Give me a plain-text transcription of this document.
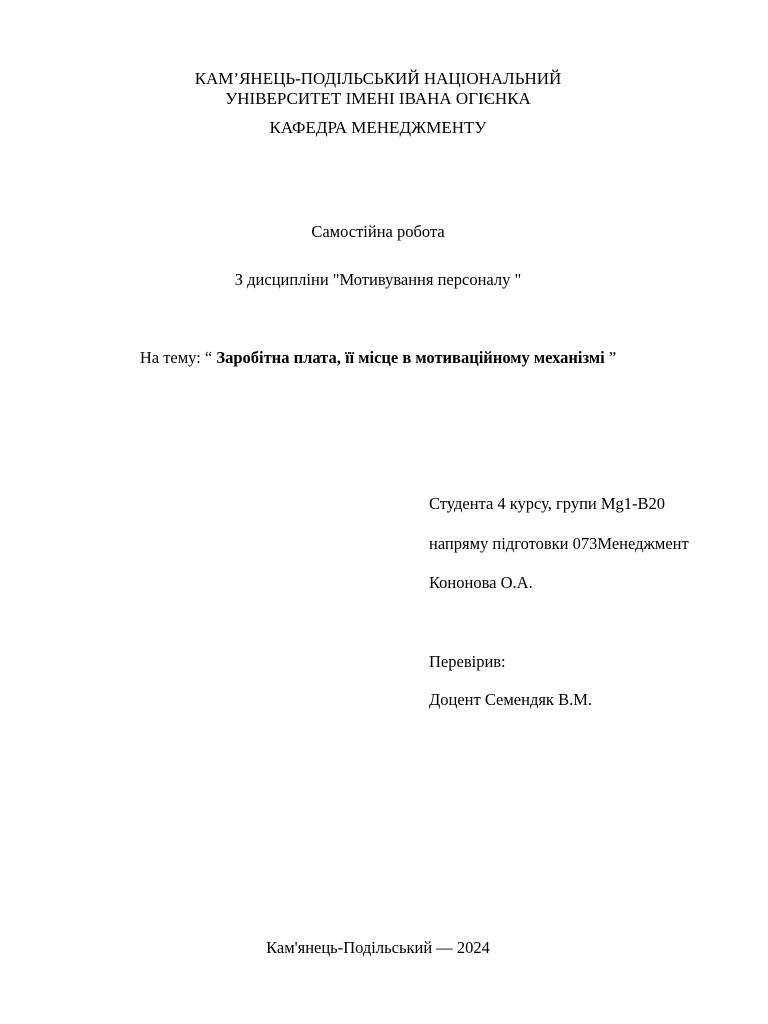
КАМ’ЯНЕЦЬ-ПОДІЛЬСЬКИЙ НАЦІОНАЛЬНИЙ
УНІВЕРСИТЕТ ІМЕНІ ІВАНА ОГІЄНКА
КАФЕДРА МЕНЕДЖМЕНТУ
Самостійна робота
З дисципліни "Мотивування персоналу "
На тему: “ Заробітна плата, її місце в мотиваційному механізмі ”
Студента 4 курсу, групи Mg1-B20
напряму підготовки 073Менеджмент
Кононова О.А.
Перевірив:
Доцент Семендяк В.М.
Кам'янець-Подільський — 2024
